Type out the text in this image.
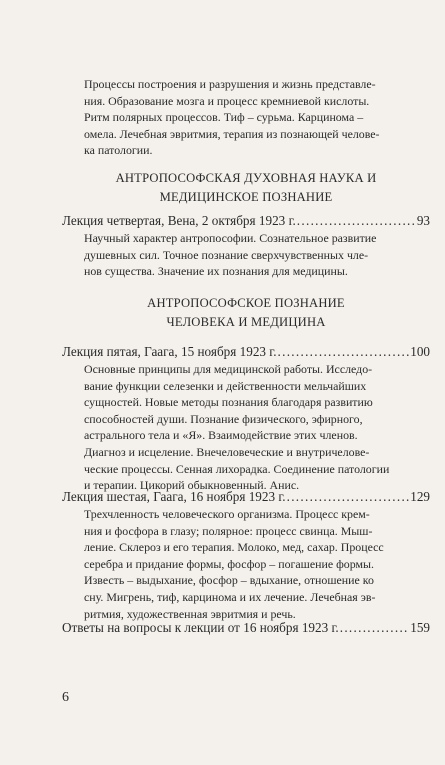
Процессы построения и разрушения и жизнь представле-

ния. Образование мозга и процесс кремниевой кислоты.

Ритм полярных процессов. Тиф – сурьма. Карцинома –

омела. Лечебная эвритмия, терапия из познающей челове-

ка патологии.

АНТРОПОСОФСКАЯ ДУХОВНАЯ НАУКА И
МЕДИЦИНСКОЕ ПОЗНАНИЕ
Лекция четвертая, Вена, 2 октября 1923 г. . . .	93

Научный характер антропософии. Сознательное развитие

душевных сил. Точное познание сверхчувственных чле-

нов существа. Значение их познания для медицины.

АНТРОПОСОФСКОЕ ПОЗНАНИЕ
ЧЕЛОВЕКА И МЕДИЦИНА
Лекция пятая, Гаага, 15 ноября 1923 г. . . .	100

Основные принципы для медицинской работы. Исследо-

вание функции селезенки и действенности мельчайших

сущностей. Новые методы познания благодаря развитию

способностей души. Познание физического, эфирного,

астрального тела и «Я». Взаимодействие этих членов.

Диагноз и исцеление. Внечеловеческие и внутричелове-

ческие процессы. Сенная лихорадка. Соединение патологии

и терапии. Цикорий обыкновенный. Анис.

Лекция шестая, Гаага, 16 ноября 1923 г. . . .	129

Трехчленность человеческого организма. Процесс крем-

ния и фосфора в глазу; полярное: процесс свинца. Мыш-

ление. Склероз и его терапия. Молоко, мед, сахар. Процесс

серебра и придание формы, фосфор – погашение формы.

Известь – выдыхание, фосфор – вдыхание, отношение ко

сну. Мигрень, тиф, карцинома и их лечение. Лечебная эв-

ритмия, художественная эвритмия и речь.

Ответы на вопросы к лекции от 16 ноября 1923 г. . . .	159
6
